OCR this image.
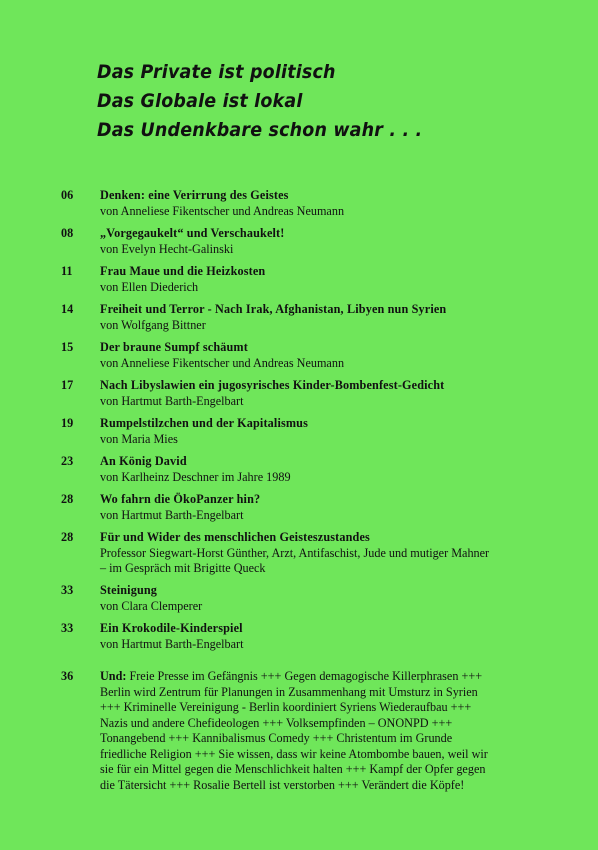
Das Private ist politisch
Das Globale ist lokal
Das Undenkbare schon wahr . . .
06 Denken: eine Verirrung des Geistes
von Anneliese Fikentscher und Andreas Neumann
08 „Vorgegaukelt“ und Verschaukelt!
von Evelyn Hecht-Galinski
11 Frau Maue und die Heizkosten
von Ellen Diederich
14 Freiheit und Terror - Nach Irak, Afghanistan, Libyen nun Syrien
von Wolfgang Bittner
15 Der braune Sumpf schäumt
von Anneliese Fikentscher und Andreas Neumann
17 Nach Libyslawien ein jugosyrisches Kinder-Bombenfest-Gedicht
von Hartmut Barth-Engelbart
19 Rumpelstilzchen und der Kapitalismus
von Maria Mies
23 An König David
von Karlheinz Deschner im Jahre 1989
28 Wo fahrn die ÖkoPanzer hin?
von Hartmut Barth-Engelbart
28 Für und Wider des menschlichen Geisteszustandes
Professor Siegwart-Horst Günther, Arzt, Antifaschist, Jude und mutiger Mahner
– im Gespräch mit Brigitte Queck
33 Steinigung
von Clara Clemperer
33 Ein Krokodile-Kinderspiel
von Hartmut Barth-Engelbart
36 Und: Freie Presse im Gefängnis +++ Gegen demagogische Killerphrasen +++
Berlin wird Zentrum für Planungen in Zusammenhang mit Umsturz in Syrien
+++ Kriminelle Vereinigung - Berlin koordiniert Syriens Wiederaufbau +++
Nazis und andere Chefideologen +++ Volksempfinden – ONONPD +++
Tonangebend +++ Kannibalismus Comedy +++ Christentum im Grunde
friedliche Religion +++ Sie wissen, dass wir keine Atombombe bauen, weil wir
sie für ein Mittel gegen die Menschlichkeit halten +++ Kampf der Opfer gegen
die Tätersicht +++ Rosalie Bertell ist verstorben +++ Verändert die Köpfe!
